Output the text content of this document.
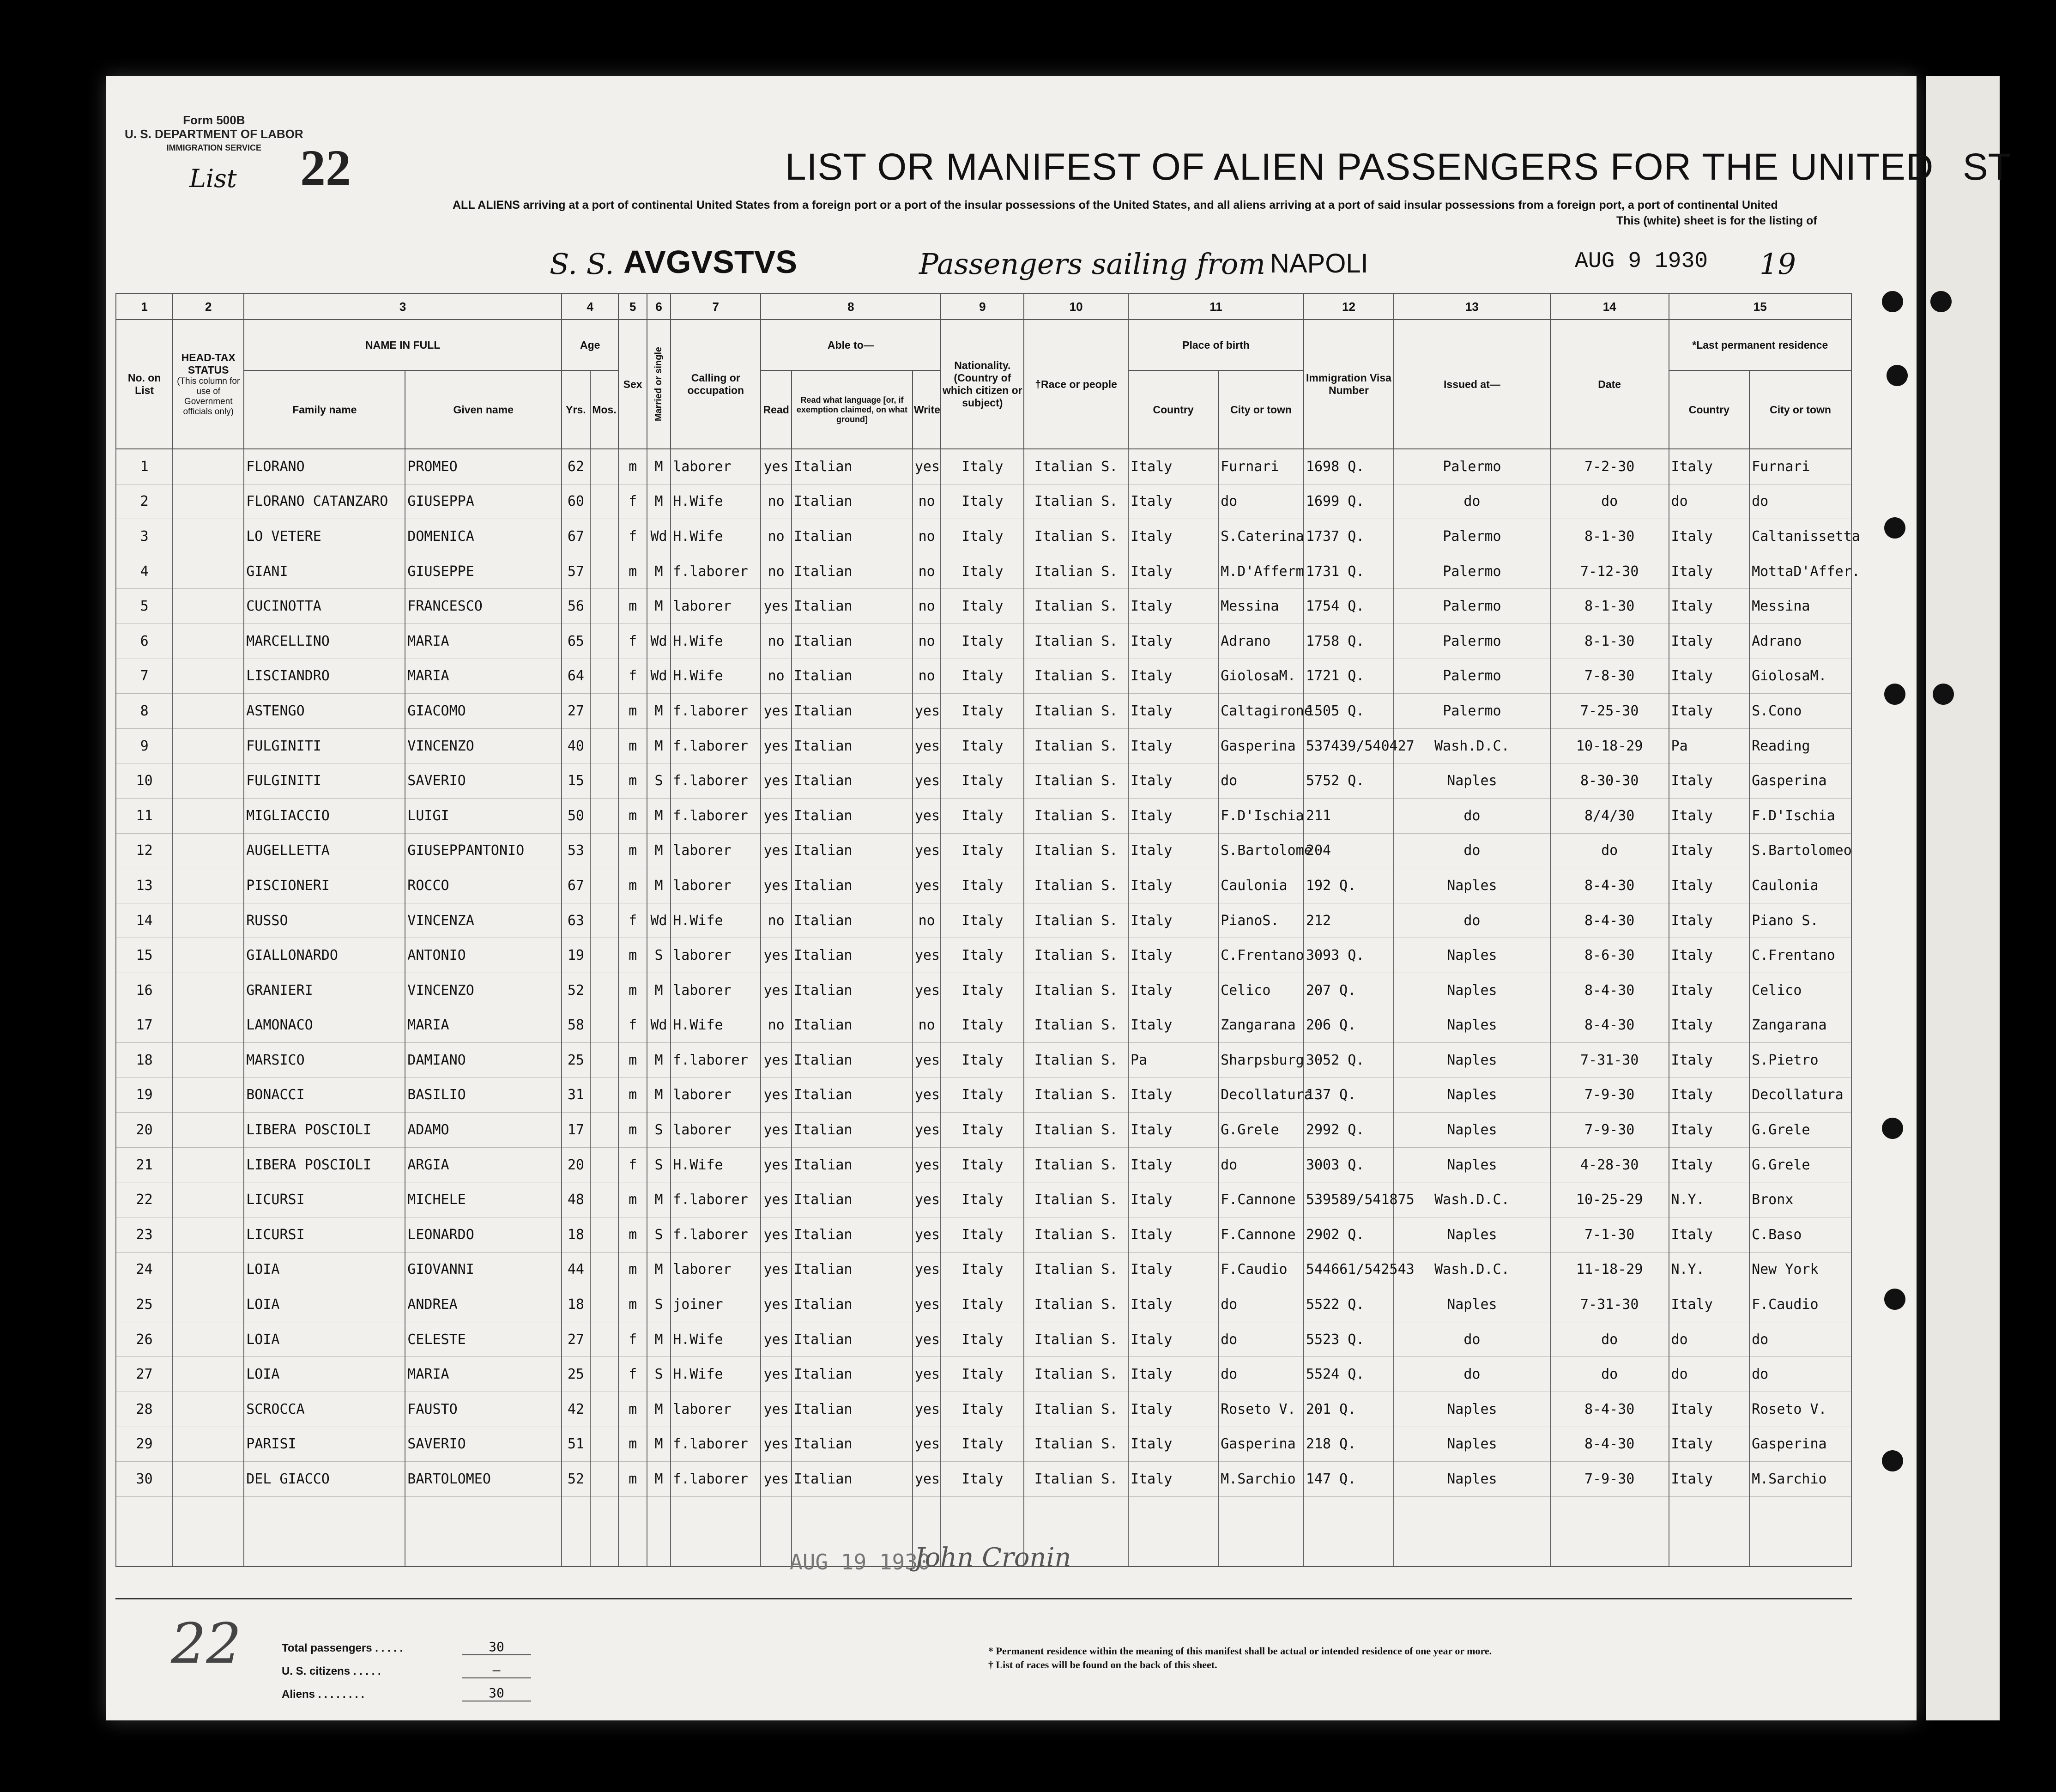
Form 500B
U. S. DEPARTMENT OF LABOR
IMMIGRATION SERVICE
List 22	LIST OR MANIFEST OF ALIEN PASSENGERS FOR THE UNITED ST
ALL ALIENS arriving at a port of continental United States from a foreign port or a port of the insular possessions of the United States, and all aliens arriving at a port of said insular possessions from a foreign port, a port of continental United
This (white) sheet is for the listing of
S. S. AVGVSTVS	Passengers sailing from NAPOLI	AUG 9 1930 19
1	2	3		4		5	6	7	8			9	10	11		12	13	14	15	
No. on List	HEAD-TAX STATUS
(This column for use of Government officials only)	NAME IN FULL		Age		Sex	Married or single	Calling or occupation	Able to—			Nationality. (Country of which citizen or subject)	†Race or people	Place of birth		Immigration Visa Number	Issued at—	Date	*Last permanent residence	
		Family name	Given name	Yrs.	Mos.				Read	Read what language [or, if exemption claimed, on what ground]	Write			Country	City or town				Country	City or town

1		FLORANO	PROMEO	62		m	M	laborer	yes	Italian	yes	Italy	Italian S.	Italy	Furnari	1698 Q.	Palermo	7-2-30	Italy	Furnari
2		FLORANO CATANZARO	GIUSEPPA	60		f	M	H.Wife	no	Italian	no	Italy	Italian S.	Italy	do	1699 Q.	do	do	do	do
3		LO VETERE	DOMENICA	67		f	Wd	H.Wife	no	Italian	no	Italy	Italian S.	Italy	S.Caterina	1737 Q.	Palermo	8-1-30	Italy	Caltanissetta
4		GIANI	GIUSEPPE	57		m	M	f.laborer	no	Italian	no	Italy	Italian S.	Italy	M.D'Afferm	1731 Q.	Palermo	7-12-30	Italy	MottaD'Affer.
5		CUCINOTTA	FRANCESCO	56		m	M	laborer	yes	Italian	no	Italy	Italian S.	Italy	Messina	1754 Q.	Palermo	8-1-30	Italy	Messina
6		MARCELLINO	MARIA	65		f	Wd	H.Wife	no	Italian	no	Italy	Italian S.	Italy	Adrano	1758 Q.	Palermo	8-1-30	Italy	Adrano
7		LISCIANDRO	MARIA	64		f	Wd	H.Wife	no	Italian	no	Italy	Italian S.	Italy	GiolosaM.	1721 Q.	Palermo	7-8-30	Italy	GiolosaM.
8		ASTENGO	GIACOMO	27		m	M	f.laborer	yes	Italian	yes	Italy	Italian S.	Italy	Caltagirone	1505 Q.	Palermo	7-25-30	Italy	S.Cono
9		FULGINITI	VINCENZO	40		m	M	f.laborer	yes	Italian	yes	Italy	Italian S.	Italy	Gasperina	537439/540427	Wash.D.C.	10-18-29	Pa	Reading
10		FULGINITI	SAVERIO	15		m	S	f.laborer	yes	Italian	yes	Italy	Italian S.	Italy	do	5752 Q.	Naples	8-30-30	Italy	Gasperina
11		MIGLIACCIO	LUIGI	50		m	M	f.laborer	yes	Italian	yes	Italy	Italian S.	Italy	F.D'Ischia	211	do	8/4/30	Italy	F.D'Ischia
12		AUGELLETTA	GIUSEPPANTONIO	53		m	M	laborer	yes	Italian	yes	Italy	Italian S.	Italy	S.Bartolome	204	do	do	Italy	S.Bartolomeo
13		PISCIONERI	ROCCO	67		m	M	laborer	yes	Italian	yes	Italy	Italian S.	Italy	Caulonia	192 Q.	Naples	8-4-30	Italy	Caulonia
14		RUSSO	VINCENZA	63		f	Wd	H.Wife	no	Italian	no	Italy	Italian S.	Italy	PianoS.	212	do	8-4-30	Italy	Piano S.
15		GIALLONARDO	ANTONIO	19		m	S	laborer	yes	Italian	yes	Italy	Italian S.	Italy	C.Frentano	3093 Q.	Naples	8-6-30	Italy	C.Frentano
16		GRANIERI	VINCENZO	52		m	M	laborer	yes	Italian	yes	Italy	Italian S.	Italy	Celico	207 Q.	Naples	8-4-30	Italy	Celico
17		LAMONACO	MARIA	58		f	Wd	H.Wife	no	Italian	no	Italy	Italian S.	Italy	Zangarana	206 Q.	Naples	8-4-30	Italy	Zangarana
18		MARSICO	DAMIANO	25		m	M	f.laborer	yes	Italian	yes	Italy	Italian S.	Pa	Sharpsburg	3052 Q.	Naples	7-31-30	Italy	S.Pietro
19		BONACCI	BASILIO	31		m	M	laborer	yes	Italian	yes	Italy	Italian S.	Italy	Decollatura	137 Q.	Naples	7-9-30	Italy	Decollatura
20		LIBERA POSCIOLI	ADAMO	17		m	S	laborer	yes	Italian	yes	Italy	Italian S.	Italy	G.Grele	2992 Q.	Naples	7-9-30	Italy	G.Grele
21		LIBERA POSCIOLI	ARGIA	20		f	S	H.Wife	yes	Italian	yes	Italy	Italian S.	Italy	do	3003 Q.	Naples	4-28-30	Italy	G.Grele
22		LICURSI	MICHELE	48		m	M	f.laborer	yes	Italian	yes	Italy	Italian S.	Italy	F.Cannone	539589/541875	Wash.D.C.	10-25-29	N.Y.	Bronx
23		LICURSI	LEONARDO	18		m	S	f.laborer	yes	Italian	yes	Italy	Italian S.	Italy	F.Cannone	2902 Q.	Naples	7-1-30	Italy	C.Baso
24		LOIA	GIOVANNI	44		m	M	laborer	yes	Italian	yes	Italy	Italian S.	Italy	F.Caudio	544661/542543	Wash.D.C.	11-18-29	N.Y.	New York
25		LOIA	ANDREA	18		m	S	joiner	yes	Italian	yes	Italy	Italian S.	Italy	do	5522 Q.	Naples	7-31-30	Italy	F.Caudio
26		LOIA	CELESTE	27		f	M	H.Wife	yes	Italian	yes	Italy	Italian S.	Italy	do	5523 Q.	do	do	do	do
27		LOIA	MARIA	25		f	S	H.Wife	yes	Italian	yes	Italy	Italian S.	Italy	do	5524 Q.	do	do	do	do
28		SCROCCA	FAUSTO	42		m	M	laborer	yes	Italian	yes	Italy	Italian S.	Italy	Roseto V.	201 Q.	Naples	8-4-30	Italy	Roseto V.
29		PARISI	SAVERIO	51		m	M	f.laborer	yes	Italian	yes	Italy	Italian S.	Italy	Gasperina	218 Q.	Naples	8-4-30	Italy	Gasperina
30		DEL GIACCO	BARTOLOMEO	52		m	M	f.laborer	yes	Italian	yes	Italy	Italian S.	Italy	M.Sarchio	147 Q.	Naples	7-9-30	Italy	M.Sarchio

AUG 19 1930
John Cronin
22	Total passengers . . . . .	30
U. S. citizens . . . . .	–
Aliens . . . . . . . .	30
* Permanent residence within the meaning of this manifest shall be actual or intended residence of one year or more.
† List of races will be found on the back of this sheet.
